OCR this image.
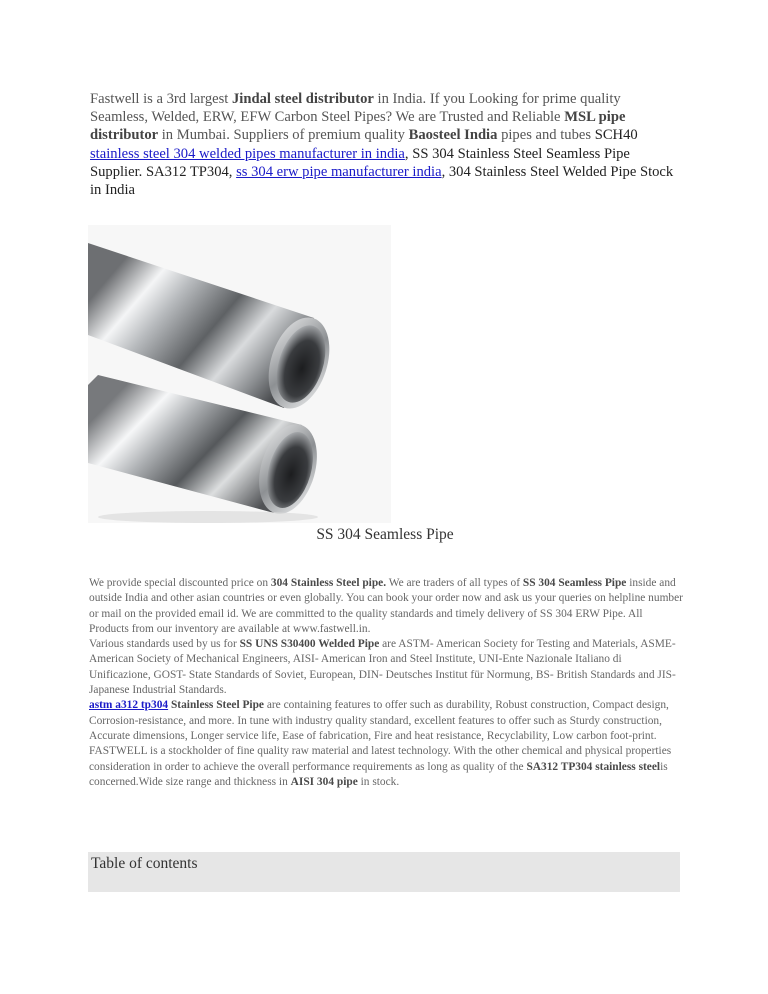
Fastwell is a 3rd largest Jindal steel distributor in India. If you Looking for prime quality Seamless, Welded, ERW, EFW Carbon Steel Pipes? We are Trusted and Reliable MSL pipe distributor in Mumbai. Suppliers of premium quality Baosteel India pipes and tubes SCH40
stainless steel 304 welded pipes manufacturer in india, SS 304 Stainless Steel Seamless Pipe Supplier. SA312 TP304, ss 304 erw pipe manufacturer india, 304 Stainless Steel Welded Pipe Stock in India

SS 304 Seamless Pipe
We provide special discounted price on 304 Stainless Steel pipe. We are traders of all types of SS 304 Seamless Pipe inside and outside India and other asian countries or even globally. You can book your order now and ask us your queries on helpline number or mail on the provided email id. We are committed to the quality standards and timely delivery of SS 304 ERW Pipe. All Products from our inventory are available at www.fastwell.in.
Various standards used by us for SS UNS S30400 Welded Pipe are ASTM- American Society for Testing and Materials, ASME- American Society of Mechanical Engineers, AISI- American Iron and Steel Institute, UNI-Ente Nazionale Italiano di Unificazione, GOST- State Standards of Soviet, European, DIN- Deutsches Institut für Normung, BS- British Standards and JIS- Japanese Industrial Standards.
astm a312 tp304 Stainless Steel Pipe are containing features to offer such as durability, Robust construction, Compact design, Corrosion-resistance, and more. In tune with industry quality standard, excellent features to offer such as Sturdy construction, Accurate dimensions, Longer service life, Ease of fabrication, Fire and heat resistance, Recyclability, Low carbon foot-print. FASTWELL is a stockholder of fine quality raw material and latest technology. With the other chemical and physical properties consideration in order to achieve the overall performance requirements as long as quality of the SA312 TP304 stainless steelis concerned.Wide size range and thickness in AISI 304 pipe in stock.
Table of contents
